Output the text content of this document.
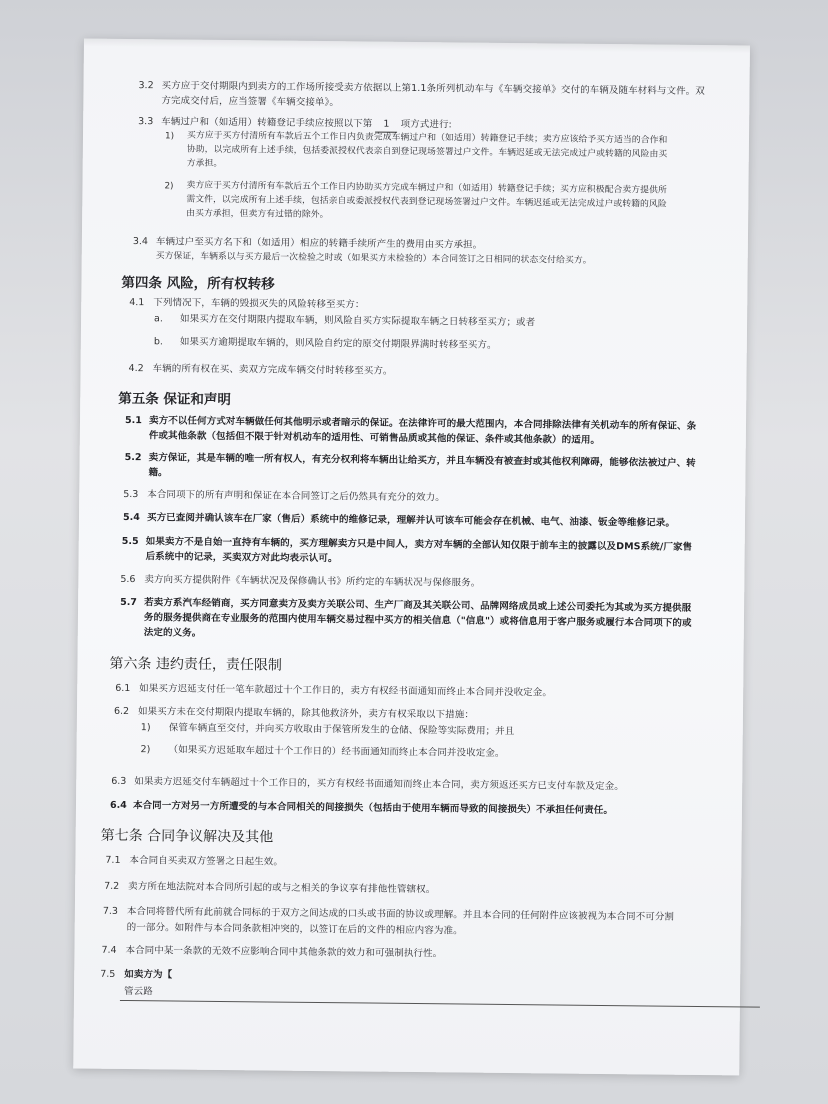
3.2 买方应于交付期限内到卖方的工作场所接受卖方依据以上第1.1条所列机动车与《车辆交接单》交付的车辆及随车材料与文件。双
方完成交付后，应当签署《车辆交接单》。
3.3 车辆过户和（如适用）转籍登记手续应按照以下第 1 项方式进行:
1) 买方应于买方付清所有车款后五个工作日内负责完成车辆过户和（如适用）转籍登记手续；卖方应该给予买方适当的合作和
协助，以完成所有上述手续，包括委派授权代表亲自到登记现场签署过户文件。车辆迟延或无法完成过户或转籍的风险由买
方承担。
2) 卖方应于买方付清所有车款后五个工作日内协助买方完成车辆过户和（如适用）转籍登记手续；买方应积极配合卖方提供所
需文件，以完成所有上述手续，包括亲自或委派授权代表到登记现场签署过户文件。车辆迟延或无法完成过户或转籍的风险
由买方承担，但卖方有过错的除外。
3.4 车辆过户至买方名下和（如适用）相应的转籍手续所产生的费用由买方承担。
买方保证，车辆系以与买方最后一次检验之时或（如果买方未检验的）本合同签订之日相同的状态交付给买方。
第四条 风险，所有权转移
4.1 下列情况下，车辆的毁损灭失的风险转移至买方：
a. 如果买方在交付期限内提取车辆，则风险自买方实际提取车辆之日转移至买方；或者
b. 如果买方逾期提取车辆的，则风险自约定的原交付期限界满时转移至买方。
4.2 车辆的所有权在买、卖双方完成车辆交付时转移至买方。
第五条 保证和声明
5.1 卖方不以任何方式对车辆做任何其他明示或者暗示的保证。在法律许可的最大范围内，本合同排除法律有关机动车的所有保证、条
件或其他条款（包括但不限于针对机动车的适用性、可销售品质或其他的保证、条件或其他条款）的适用。
5.2 卖方保证，其是车辆的唯一所有权人，有充分权利将车辆出让给买方，并且车辆没有被查封或其他权利障碍，能够依法被过户、转
籍。
5.3 本合同项下的所有声明和保证在本合同签订之后仍然具有充分的效力。
5.4 买方已查阅并确认该车在厂家（售后）系统中的维修记录，理解并认可该车可能会存在机械、电气、油漆、钣金等维修记录。
5.5 如果卖方不是自始一直持有车辆的，买方理解卖方只是中间人，卖方对车辆的全部认知仅限于前车主的披露以及DMS系统/厂家售
后系统中的记录，买卖双方对此均表示认可。
5.6 卖方向买方提供附件《车辆状况及保修确认书》所约定的车辆状况与保修服务。
5.7 若卖方系汽车经销商，买方同意卖方及卖方关联公司、生产厂商及其关联公司、品牌网络成员或上述公司委托为其或为买方提供服
务的服务提供商在专业服务的范围内使用车辆交易过程中买方的相关信息（"信息"）或将信息用于客户服务或履行本合同项下的或
法定的义务。
第六条 违约责任，责任限制
6.1 如果买方迟延支付任一笔车款超过十个工作日的，卖方有权经书面通知而终止本合同并没收定金。
6.2 如果买方未在交付期限内提取车辆的，除其他救济外，卖方有权采取以下措施：
1) 保管车辆直至交付，并向买方收取由于保管所发生的仓储、保险等实际费用；并且
2) （如果买方迟延取车超过十个工作日的）经书面通知而终止本合同并没收定金。
6.3 如果卖方迟延交付车辆超过十个工作日的，买方有权经书面通知而终止本合同，卖方须返还买方已支付车款及定金。
6.4 本合同一方对另一方所遭受的与本合同相关的间接损失（包括由于使用车辆而导致的间接损失）不承担任何责任。
第七条 合同争议解决及其他
7.1 本合同自买卖双方签署之日起生效。
7.2 卖方所在地法院对本合同所引起的或与之相关的争议享有排他性管辖权。
7.3 本合同将替代所有此前就合同标的于双方之间达成的口头或书面的协议或理解。并且本合同的任何附件应该被视为本合同不可分割
的一部分。如附件与本合同条款相冲突的，以签订在后的文件的相应内容为准。
7.4 本合同中某一条款的无效不应影响合同中其他条款的效力和可强制执行性。
7.5 如卖方为【
管云路
